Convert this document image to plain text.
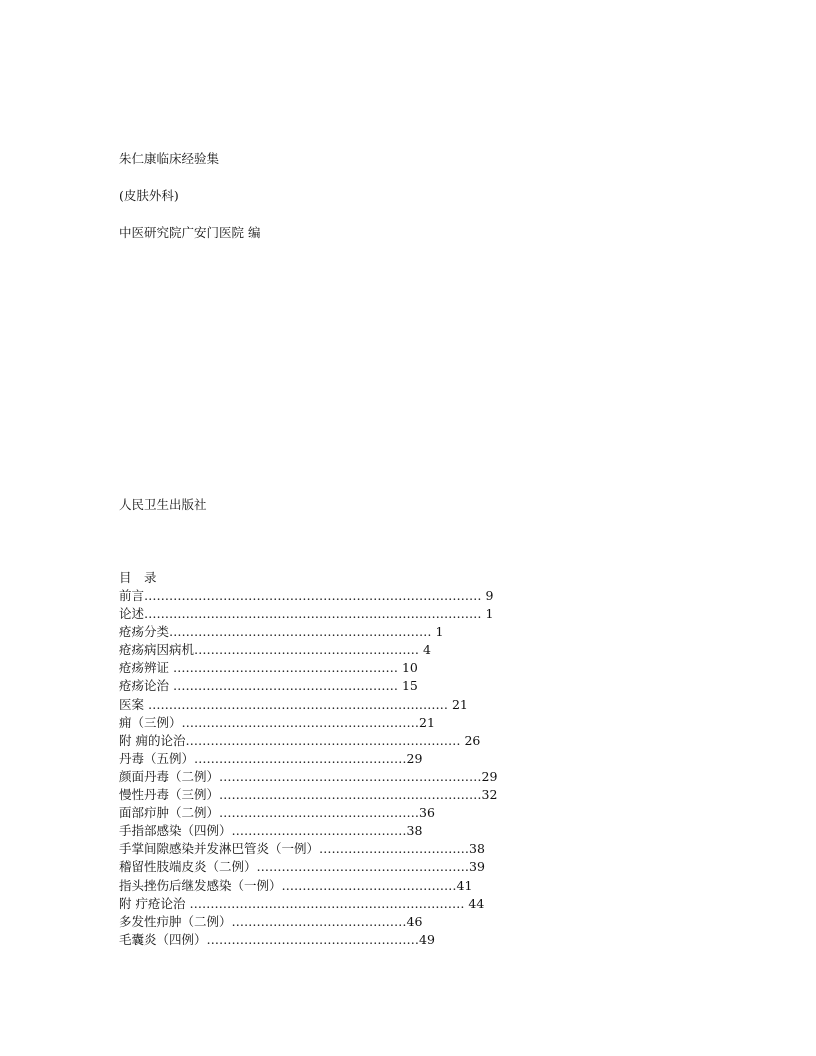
朱仁康临床经验集
(皮肤外科)
中医研究院广安门医院 编
人民卫生出版社
目　录
前言……………………………………………………………………… 9
论述……………………………………………………………………… 1
疮疡分类……………………………………………………… 1
疮疡病因病机……………………………………………… 4
疮疡辨证 ……………………………………………… 10
疮疡论治 ……………………………………………… 15
医案 ……………………………………………………………… 21
痈（三例）…………………………………………………21
附 痈的论治………………………………………………………… 26
丹毒（五例）……………………………………………29
颜面丹毒（二例）………………………………………………………29
慢性丹毒（三例）………………………………………………………32
面部疖肿（二例）…………………………………………36
手指部感染（四例）……………………………………38
手掌间隙感染并发淋巴管炎（一例）………………………………38
稽留性肢端皮炎（二例）……………………………………………39
指头挫伤后继发感染（一例）……………………………………41
附 疔疮论治 ………………………………………………………… 44
多发性疖肿（二例）……………………………………46
毛囊炎（四例）……………………………………………49
